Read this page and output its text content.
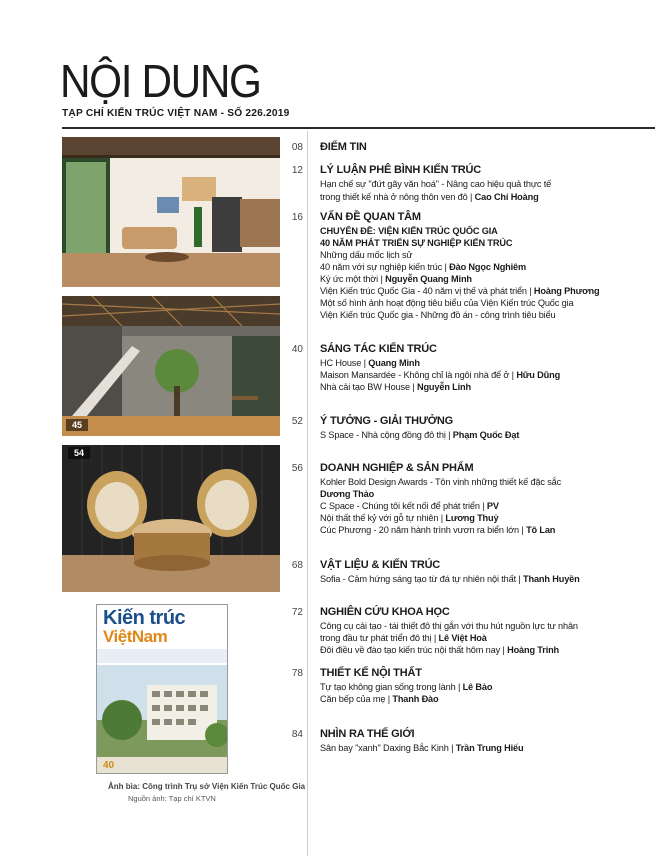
NỘI DUNG
TẠP CHÍ KIẾN TRÚC VIỆT NAM - SỐ 226.2019
45
54
Kiến trúc
ViệtNam
40
Ảnh bìa: Công trình Trụ sở Viện Kiến Trúc Quốc Gia
Nguồn ảnh: Tạp chí KTVN
08 ĐIỂM TIN
12 LÝ LUẬN PHÊ BÌNH KIẾN TRÚC
Hạn chế sự "đứt gãy văn hoá" - Nâng cao hiệu quả thực tế
trong thiết kế nhà ở nông thôn ven đô | Cao Chí Hoàng
16 VẤN ĐỀ QUAN TÂM
CHUYÊN ĐỀ: VIỆN KIẾN TRÚC QUỐC GIA
40 NĂM PHÁT TRIỂN SỰ NGHIỆP KIẾN TRÚC
Những dấu mốc lịch sử
40 năm với sự nghiệp kiến trúc | Đào Ngọc Nghiêm
Ký ức một thời | Nguyễn Quang Minh
Viện Kiến trúc Quốc Gia - 40 năm vị thế và phát triển | Hoàng Phương
Một số hình ảnh hoạt động tiêu biểu của Viện Kiến trúc Quốc gia
Viện Kiến trúc Quốc gia - Những đồ án - công trình tiêu biểu
40 SÁNG TÁC KIẾN TRÚC
HC House | Quang Minh
Maison Mansardée - Không chỉ là ngôi nhà để ở | Hữu Dũng
Nhà cải tạo BW House | Nguyễn Linh
52 Ý TƯỞNG - GIẢI THƯỞNG
S Space - Nhà cộng đồng đô thị | Phạm Quốc Đạt
56 DOANH NGHIỆP & SẢN PHẨM
Kohler Bold Design Awards - Tôn vinh những thiết kế đặc sắc
Dương Thảo
C Space - Chúng tôi kết nối để phát triển | PV
Nội thất thế kỷ với gỗ tự nhiên | Lương Thuỷ
Cúc Phương - 20 năm hành trình vươn ra biển lớn | Tô Lan
68 VẬT LIỆU & KIẾN TRÚC
Sofia - Cảm hứng sáng tạo từ đá tự nhiên nội thất | Thanh Huyền
72 NGHIÊN CỨU KHOA HỌC
Công cụ cải tạo - tái thiết đô thị gắn với thu hút nguồn lực tư nhân
trong đầu tư phát triển đô thị | Lê Việt Hoà
Đôi điều về đào tạo kiến trúc nội thất hôm nay | Hoàng Trinh
78 THIẾT KẾ NỘI THẤT
Tự tạo không gian sống trong lành | Lê Bảo
Căn bếp của mẹ | Thanh Đào
84 NHÌN RA THẾ GIỚI
Sân bay "xanh" Daxing Bắc Kinh | Trần Trung Hiếu
